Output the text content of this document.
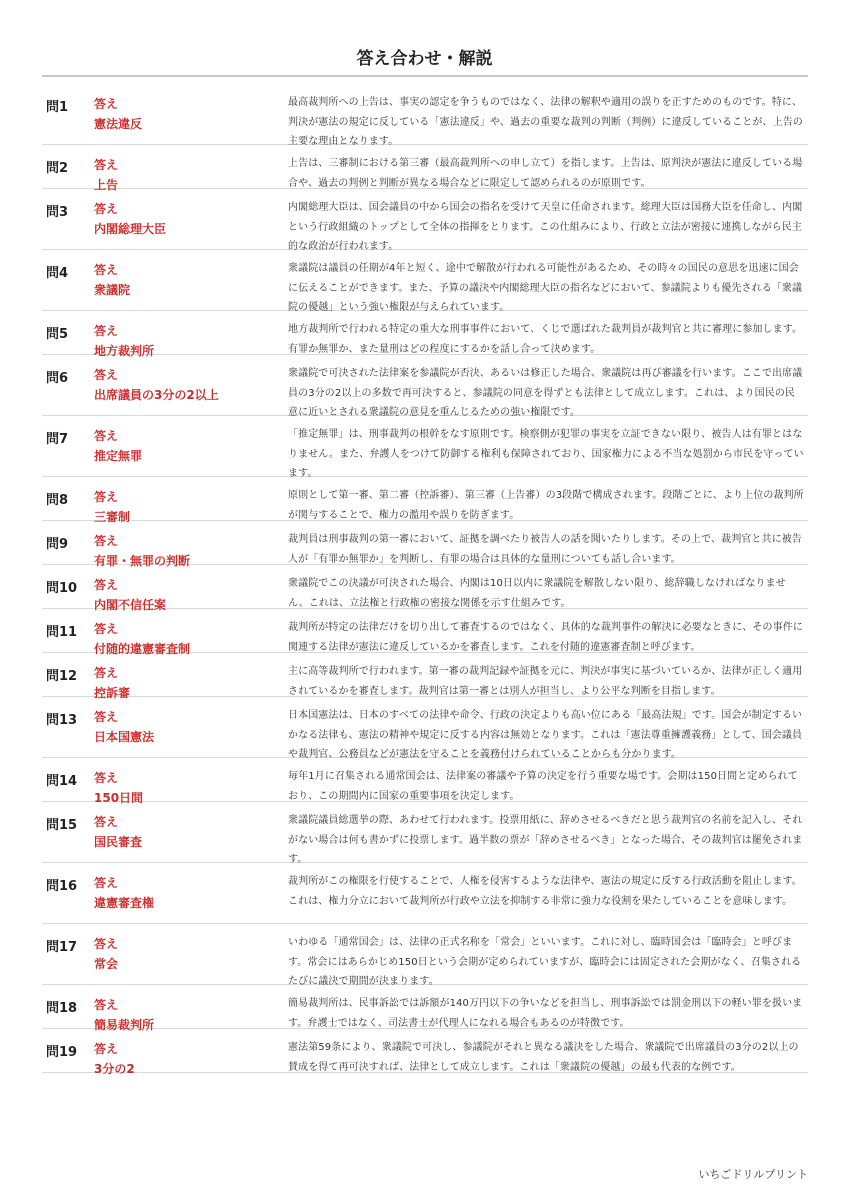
答え合わせ・解説
問1 答え
憲法違反

最高裁判所への上告は、事実の認定を争うものではなく、法律の解釈や適用の誤りを正すためのものです。特に、判決が憲法の規定に反している「憲法違反」や、過去の重要な裁判の判断（判例）に違反していることが、上告の主要な理由となります。

問2 答え
上告

上告は、三審制における第三審（最高裁判所への申し立て）を指します。上告は、原判決が憲法に違反している場合や、過去の判例と判断が異なる場合などに限定して認められるのが原則です。

問3 答え
内閣総理大臣

内閣総理大臣は、国会議員の中から国会の指名を受けて天皇に任命されます。総理大臣は国務大臣を任命し、内閣という行政組織のトップとして全体の指揮をとります。この仕組みにより、行政と立法が密接に連携しながら民主的な政治が行われます。

問4 答え
衆議院

衆議院は議員の任期が4年と短く、途中で解散が行われる可能性があるため、その時々の国民の意思を迅速に国会に伝えることができます。また、予算の議決や内閣総理大臣の指名などにおいて、参議院よりも優先される「衆議院の優越」という強い権限が与えられています。

問5 答え
地方裁判所

地方裁判所で行われる特定の重大な刑事事件において、くじで選ばれた裁判員が裁判官と共に審理に参加します。有罪か無罪か、また量刑はどの程度にするかを話し合って決めます。

問6 答え
出席議員の3分の2以上

衆議院で可決された法律案を参議院が否決、あるいは修正した場合、衆議院は再び審議を行います。ここで出席議員の3分の2以上の多数で再可決すると、参議院の同意を得ずとも法律として成立します。これは、より国民の民意に近いとされる衆議院の意見を重んじるための強い権限です。

問7 答え
推定無罪

「推定無罪」は、刑事裁判の根幹をなす原則です。検察側が犯罪の事実を立証できない限り、被告人は有罪とはなりません。また、弁護人をつけて防御する権利も保障されており、国家権力による不当な処罰から市民を守っています。

問8 答え
三審制

原則として第一審、第二審（控訴審）、第三審（上告審）の3段階で構成されます。段階ごとに、より上位の裁判所が関与することで、権力の濫用や誤りを防ぎます。

問9 答え
有罪・無罪の判断

裁判員は刑事裁判の第一審において、証拠を調べたり被告人の話を聞いたりします。その上で、裁判官と共に被告人が「有罪か無罪か」を判断し、有罪の場合は具体的な量刑についても話し合います。

問10 答え
内閣不信任案

衆議院でこの決議が可決された場合、内閣は10日以内に衆議院を解散しない限り、総辞職しなければなりません。これは、立法権と行政権の密接な関係を示す仕組みです。

問11 答え
付随的違憲審査制

裁判所が特定の法律だけを切り出して審査するのではなく、具体的な裁判事件の解決に必要なときに、その事件に関連する法律が憲法に違反しているかを審査します。これを付随的違憲審査制と呼びます。

問12 答え
控訴審

主に高等裁判所で行われます。第一審の裁判記録や証拠を元に、判決が事実に基づいているか、法律が正しく適用されているかを審査します。裁判官は第一審とは別人が担当し、より公平な判断を目指します。

問13 答え
日本国憲法

日本国憲法は、日本のすべての法律や命令、行政の決定よりも高い位にある「最高法規」です。国会が制定するいかなる法律も、憲法の精神や規定に反する内容は無効となります。これは「憲法尊重擁護義務」として、国会議員や裁判官、公務員などが憲法を守ることを義務付けられていることからも分かります。

問14 答え
150日間

毎年1月に召集される通常国会は、法律案の審議や予算の決定を行う重要な場です。会期は150日間と定められており、この期間内に国家の重要事項を決定します。

問15 答え
国民審査

衆議院議員総選挙の際、あわせて行われます。投票用紙に、辞めさせるべきだと思う裁判官の名前を記入し、それがない場合は何も書かずに投票します。過半数の票が「辞めさせるべき」となった場合、その裁判官は罷免されます。

問16 答え
違憲審査権

裁判所がこの権限を行使することで、人権を侵害するような法律や、憲法の規定に反する行政活動を阻止します。これは、権力分立において裁判所が行政や立法を抑制する非常に強力な役割を果たしていることを意味します。

問17 答え
常会

いわゆる「通常国会」は、法律の正式名称を「常会」といいます。これに対し、臨時国会は「臨時会」と呼びます。常会にはあらかじめ150日という会期が定められていますが、臨時会には固定された会期がなく、召集されるたびに議決で期間が決まります。

問18 答え
簡易裁判所

簡易裁判所は、民事訴訟では訴額が140万円以下の争いなどを担当し、刑事訴訟では罰金刑以下の軽い罪を扱います。弁護士ではなく、司法書士が代理人になれる場合もあるのが特徴です。

問19 答え
3分の2

憲法第59条により、衆議院で可決し、参議院がそれと異なる議決をした場合、衆議院で出席議員の3分の2以上の賛成を得て再可決すれば、法律として成立します。これは「衆議院の優越」の最も代表的な例です。

いちごドリルプリント
